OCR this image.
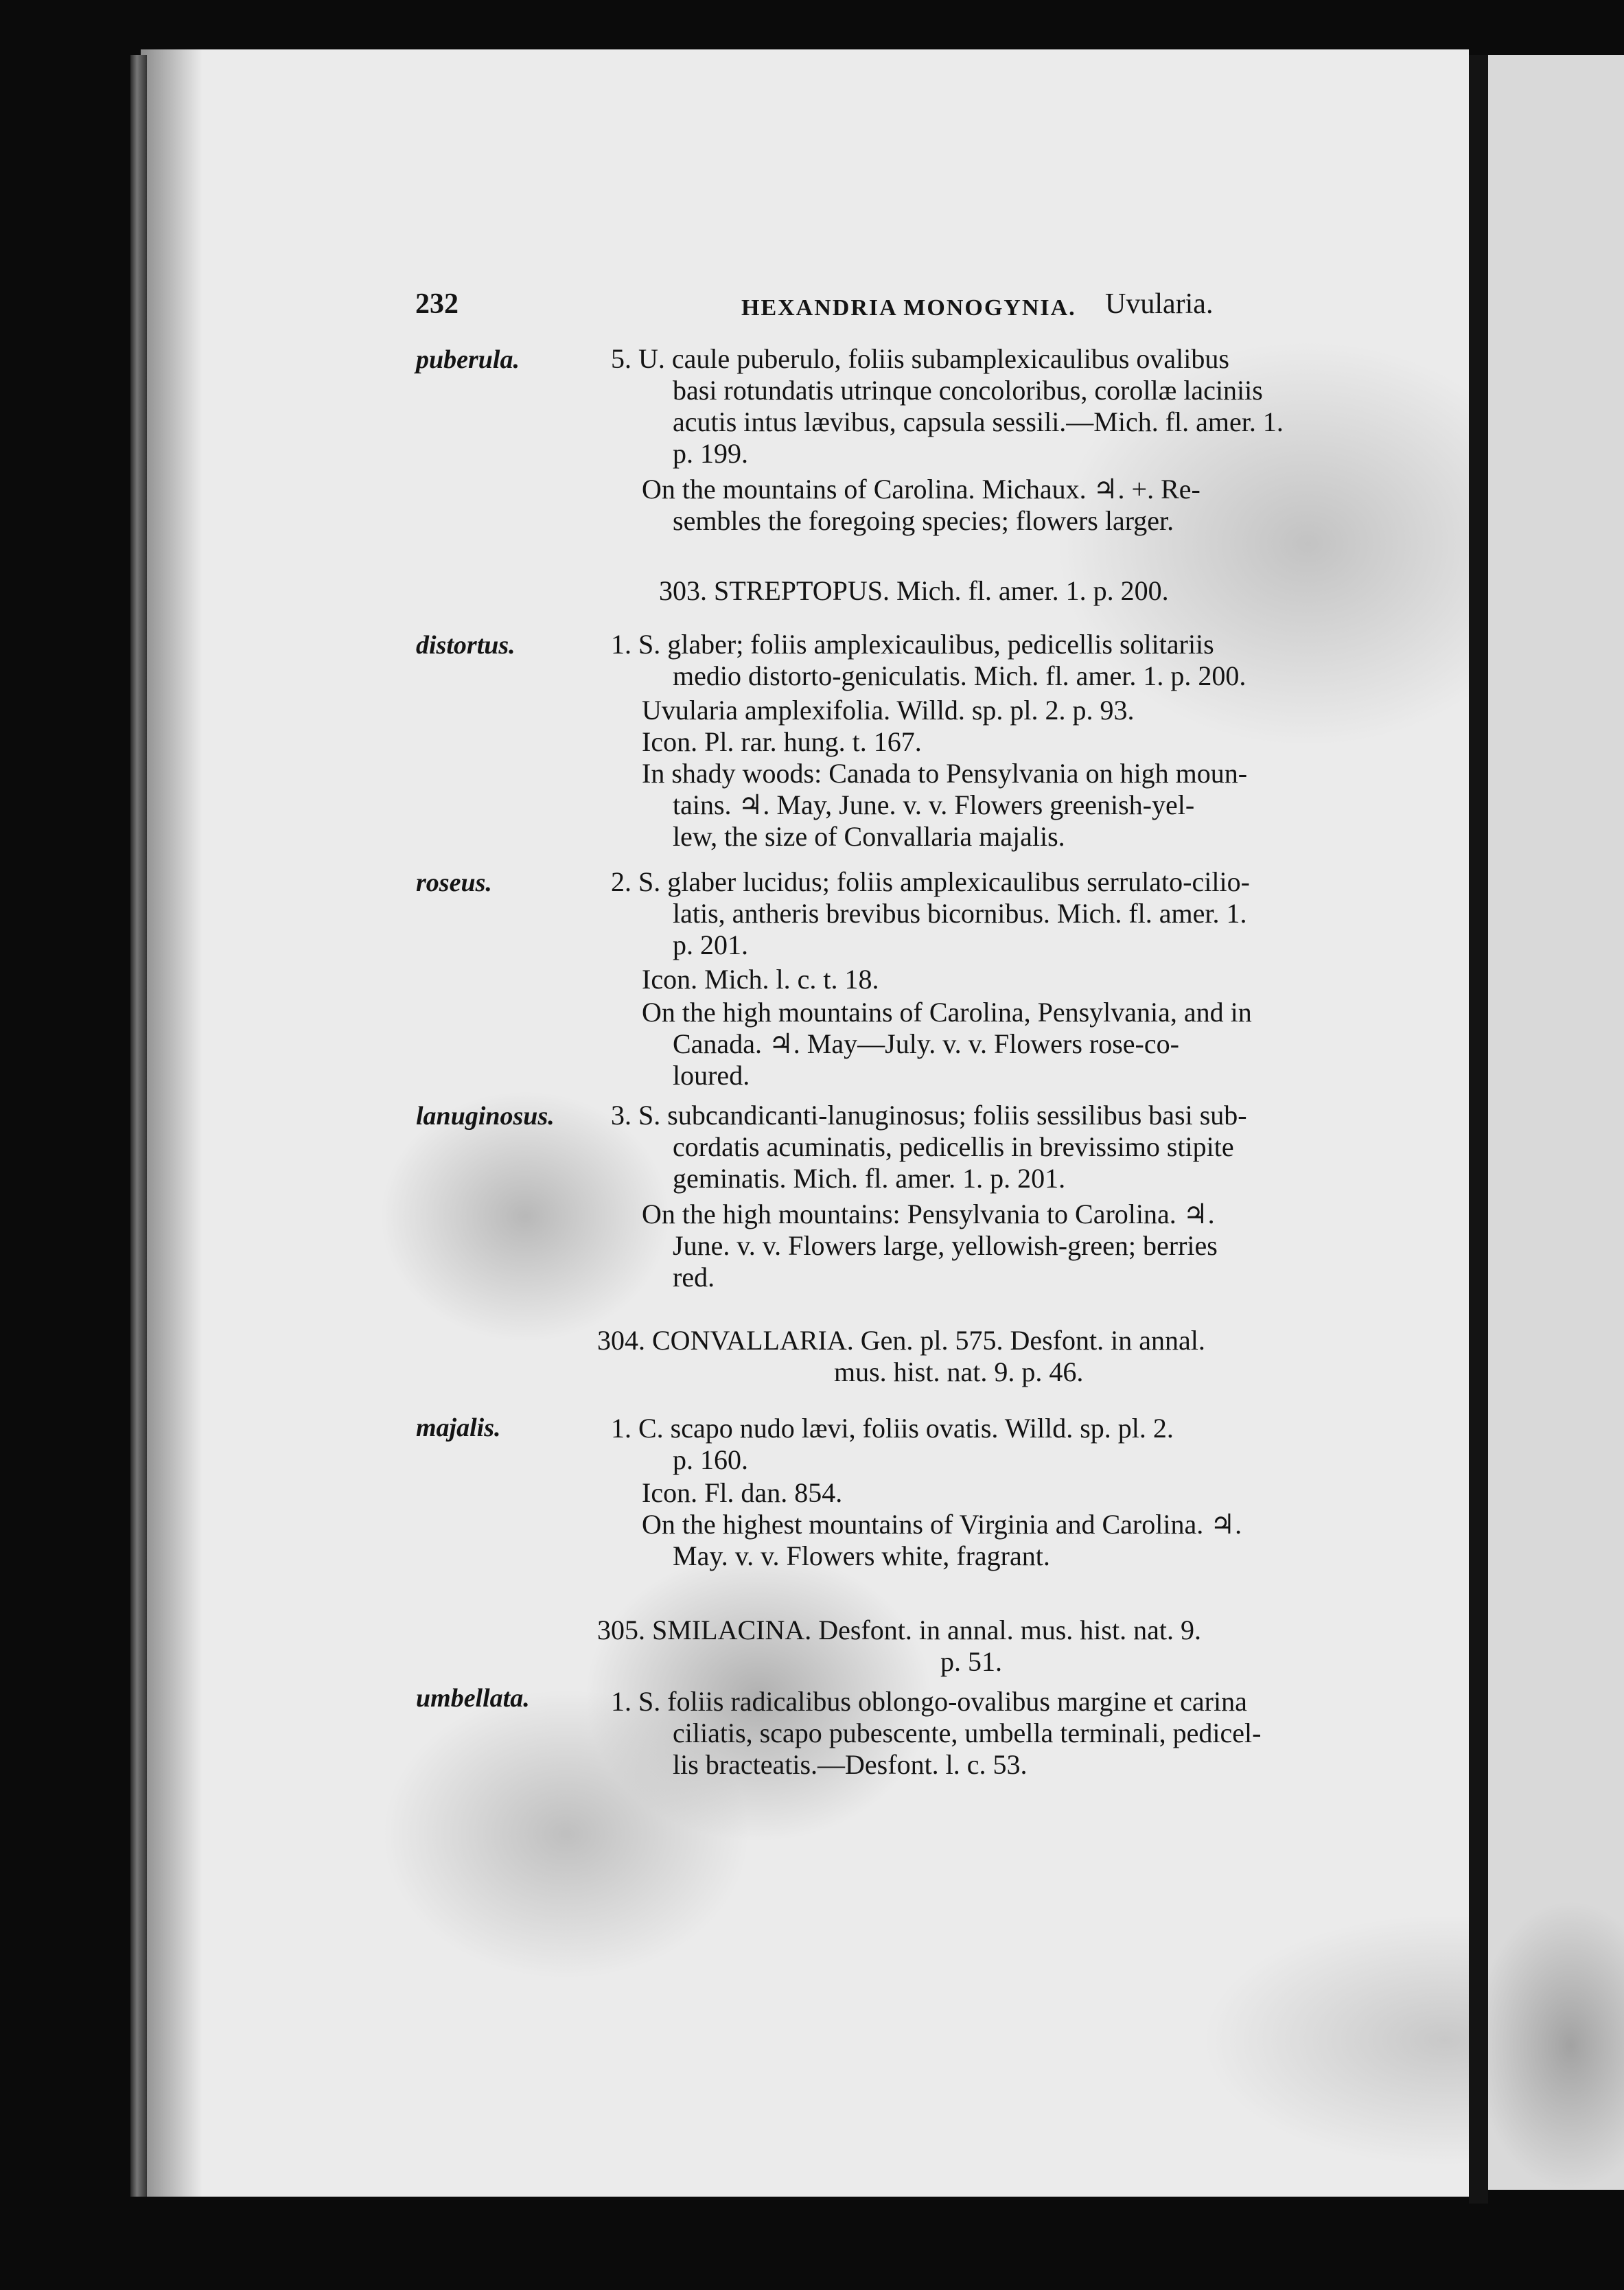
232	HEXANDRIA MONOGYNIA. Uvularia.
puberula.
distortus.
roseus.
lanuginosus.
majalis.
umbellata.
5. U. caule puberulo, foliis subamplexicaulibus ovalibus
basi rotundatis utrinque concoloribus, corollæ laciniis
acutis intus lævibus, capsula sessili.—Mich. fl. amer. 1.
p. 199.
On the mountains of Carolina. Michaux. ♃. +. Re-
sembles the foregoing species; flowers larger.
303. STREPTOPUS. Mich. fl. amer. 1. p. 200.
1. S. glaber; foliis amplexicaulibus, pedicellis solitariis
medio distorto-geniculatis. Mich. fl. amer. 1. p. 200.
Uvularia amplexifolia. Willd. sp. pl. 2. p. 93.
Icon. Pl. rar. hung. t. 167.
In shady woods: Canada to Pensylvania on high moun-
tains. ♃. May, June. v. v. Flowers greenish-yel-
lew, the size of Convallaria majalis.
2. S. glaber lucidus; foliis amplexicaulibus serrulato-cilio-
latis, antheris brevibus bicornibus. Mich. fl. amer. 1.
p. 201.
Icon. Mich. l. c. t. 18.
On the high mountains of Carolina, Pensylvania, and in
Canada. ♃. May—July. v. v. Flowers rose-co-
loured.
3. S. subcandicanti-lanuginosus; foliis sessilibus basi sub-
cordatis acuminatis, pedicellis in brevissimo stipite
geminatis. Mich. fl. amer. 1. p. 201.
On the high mountains: Pensylvania to Carolina. ♃.
June. v. v. Flowers large, yellowish-green; berries
red.
304. CONVALLARIA. Gen. pl. 575. Desfont. in annal.
mus. hist. nat. 9. p. 46.
1. C. scapo nudo lævi, foliis ovatis. Willd. sp. pl. 2.
p. 160.
Icon. Fl. dan. 854.
On the highest mountains of Virginia and Carolina. ♃.
May. v. v. Flowers white, fragrant.
305. SMILACINA. Desfont. in annal. mus. hist. nat. 9.
p. 51.
1. S. foliis radicalibus oblongo-ovalibus margine et carina
ciliatis, scapo pubescente, umbella terminali, pedicel-
lis bracteatis.—Desfont. l. c. 53.
